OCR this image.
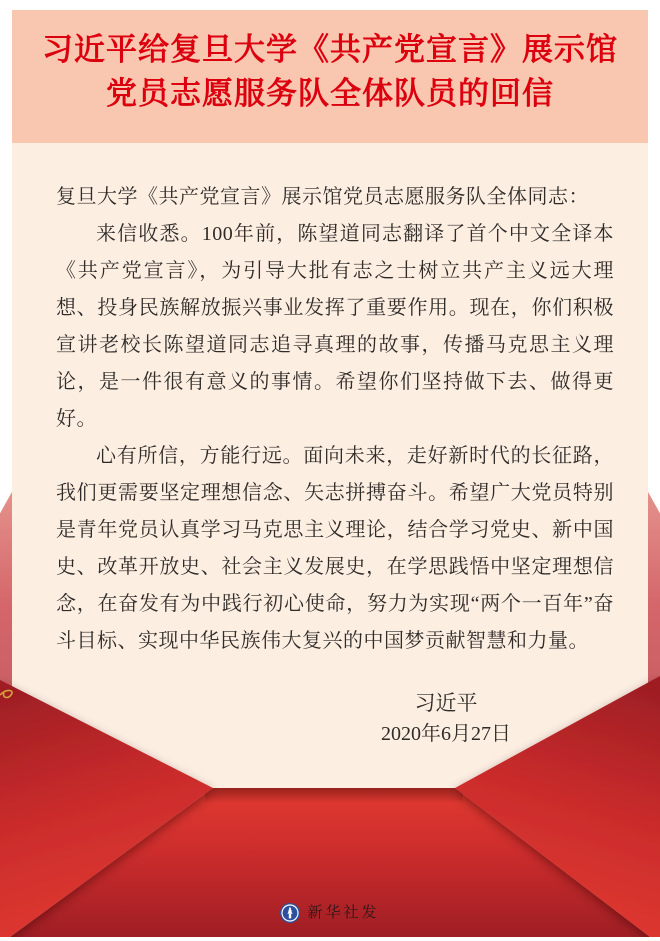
习近平给复旦大学《共产党宣言》展示馆
党员志愿服务队全体队员的回信

复旦大学《共产党宣言》展示馆党员志愿服务队全体同志：

来信收悉。100年前，陈望道同志翻译了首个中文全译本《共产党宣言》，为引导大批有志之士树立共产主义远大理想、投身民族解放振兴事业发挥了重要作用。现在，你们积极宣讲老校长陈望道同志追寻真理的故事，传播马克思主义理论，是一件很有意义的事情。希望你们坚持做下去、做得更好。

心有所信，方能行远。面向未来，走好新时代的长征路，我们更需要坚定理想信念、矢志拼搏奋斗。希望广大党员特别是青年党员认真学习马克思主义理论，结合学习党史、新中国史、改革开放史、社会主义发展史，在学思践悟中坚定理想信念，在奋发有为中践行初心使命，努力为实现“两个一百年”奋斗目标、实现中华民族伟大复兴的中国梦贡献智慧和力量。

习近平
2020年6月27日
新华社发
